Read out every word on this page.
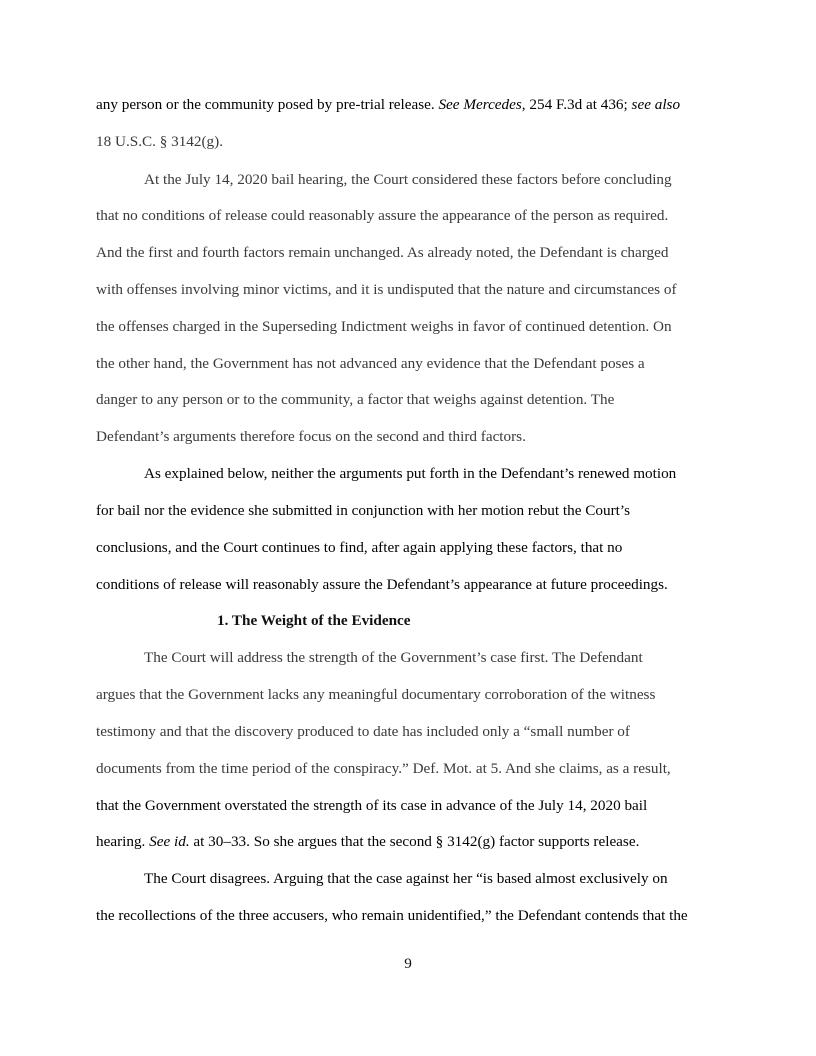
any person or the community posed by pre-trial release. See Mercedes, 254 F.3d at 436; see also
18 U.S.C. § 3142(g).
At the July 14, 2020 bail hearing, the Court considered these factors before concluding
that no conditions of release could reasonably assure the appearance of the person as required.
And the first and fourth factors remain unchanged. As already noted, the Defendant is charged
with offenses involving minor victims, and it is undisputed that the nature and circumstances of
the offenses charged in the Superseding Indictment weighs in favor of continued detention. On
the other hand, the Government has not advanced any evidence that the Defendant poses a
danger to any person or to the community, a factor that weighs against detention. The
Defendant’s arguments therefore focus on the second and third factors.
As explained below, neither the arguments put forth in the Defendant’s renewed motion
for bail nor the evidence she submitted in conjunction with her motion rebut the Court’s
conclusions, and the Court continues to find, after again applying these factors, that no
conditions of release will reasonably assure the Defendant’s appearance at future proceedings.
1. The Weight of the Evidence
The Court will address the strength of the Government’s case first. The Defendant
argues that the Government lacks any meaningful documentary corroboration of the witness
testimony and that the discovery produced to date has included only a “small number of
documents from the time period of the conspiracy.” Def. Mot. at 5. And she claims, as a result,
that the Government overstated the strength of its case in advance of the July 14, 2020 bail
hearing. See id. at 30–33. So she argues that the second § 3142(g) factor supports release.
The Court disagrees. Arguing that the case against her “is based almost exclusively on
the recollections of the three accusers, who remain unidentified,” the Defendant contends that the
9
